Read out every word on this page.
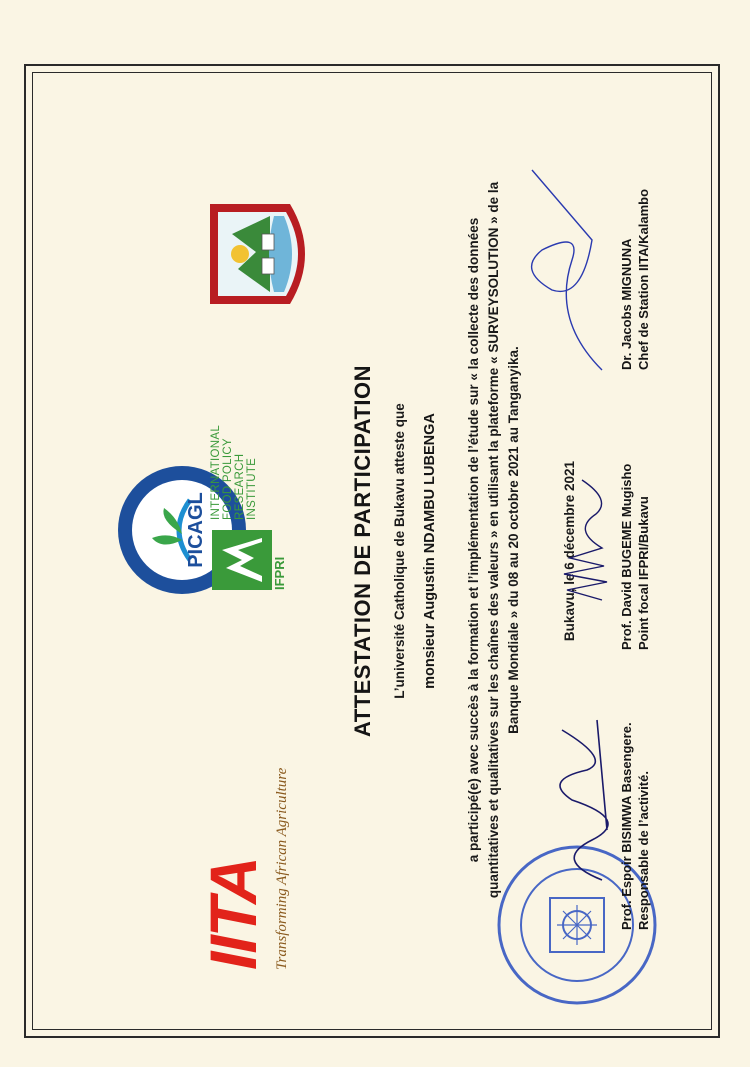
IITA Transforming African Agriculture
PICAGL
INTERNATIONAL FOOD POLICY RESEARCH INSTITUTE
IFPRI	ATTESTATION DE PARTICIPATION L’université Catholique de Bukavu atteste que monsieur Augustin NDAMBU LUBENGA a participé(e) avec succès à la formation et l’implémentation de l’étude sur « la collecte des données quantitatives et qualitatives sur les chaînes des valeurs » en utilisant la plateforme « SURVEYSOLUTION » de la Banque Mondiale » du 08 au 20 octobre 2021 au Tanganyika.	Bukavu, le 6 décembre 2021
Prof. Espoir BISIMWA Basengere. Responsable de l’activité.
Prof. David BUGEME Mugisho Point focal IFPRI/Bukavu
Dr. Jacobs MIGNUNA Chef de Station IITA/Kalambo
